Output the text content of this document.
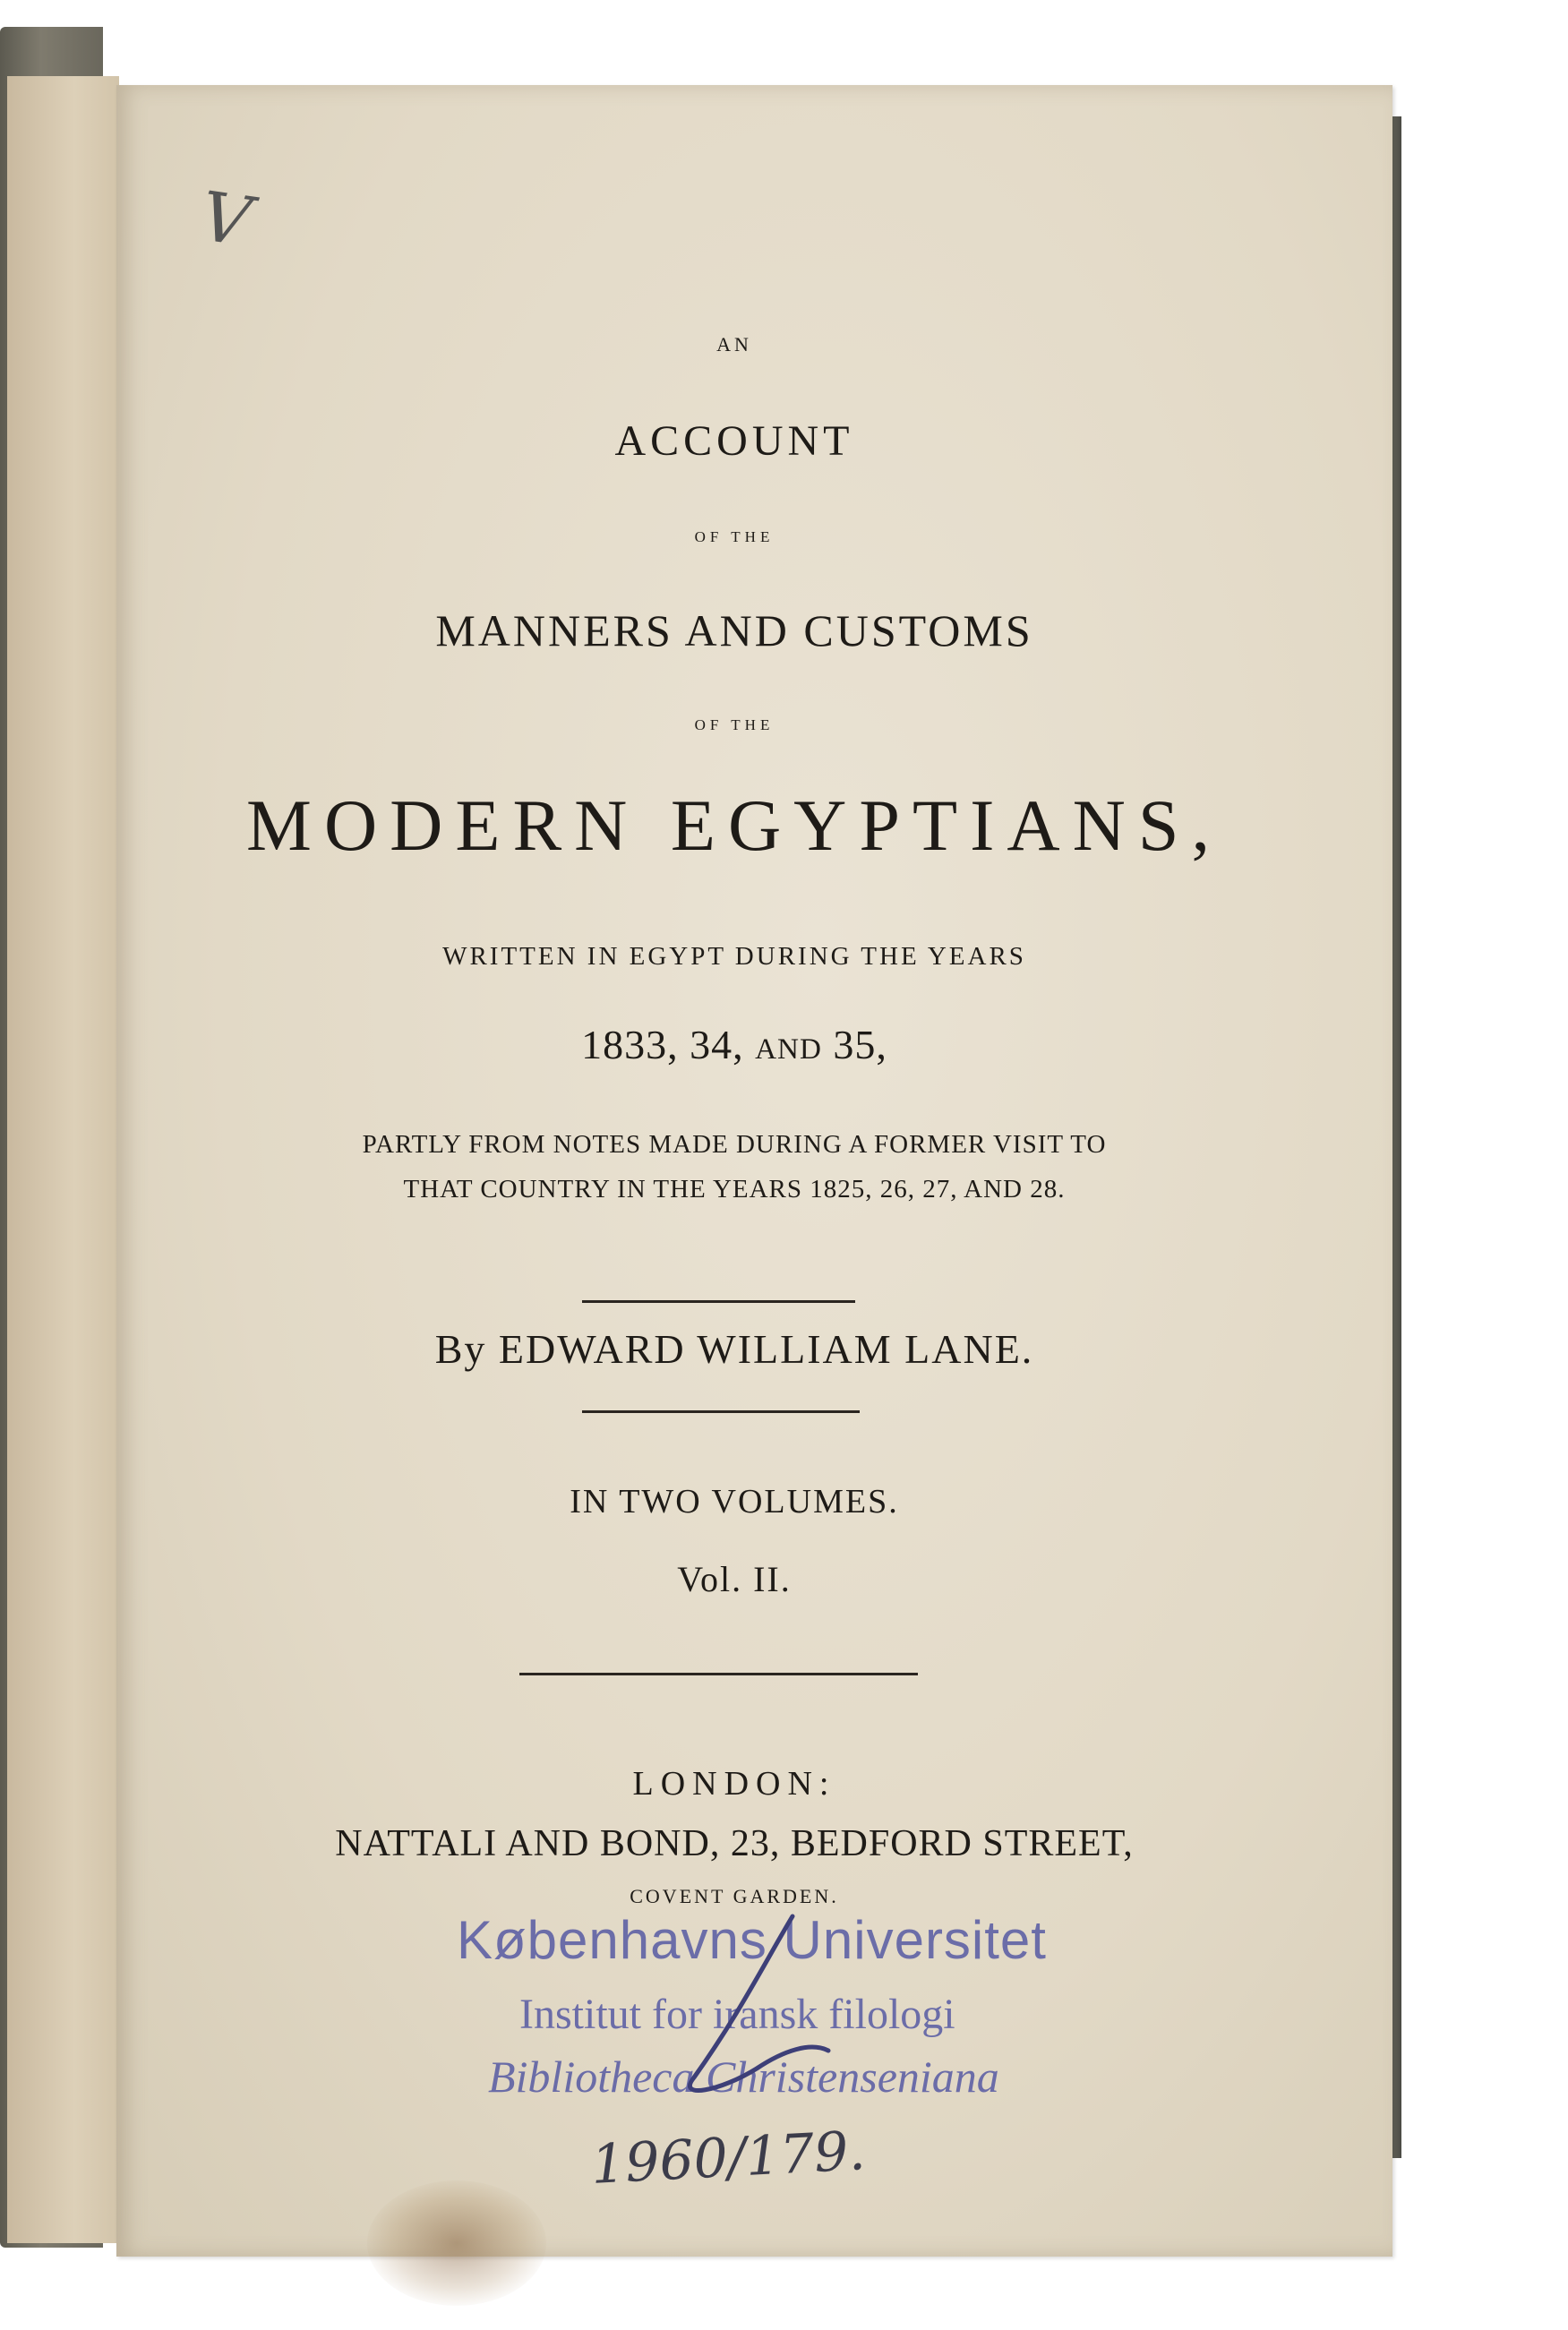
V
AN
ACCOUNT
OF THE
MANNERS AND CUSTOMS
OF THE
MODERN EGYPTIANS,
WRITTEN IN EGYPT DURING THE YEARS
1833, 34, AND 35,
PARTLY FROM NOTES MADE DURING A FORMER VISIT TO
THAT COUNTRY IN THE YEARS 1825, 26, 27, AND 28.
By EDWARD WILLIAM LANE.
IN TWO VOLUMES.
Vol. II.
LONDON:
NATTALI AND BOND, 23, BEDFORD STREET,
COVENT GARDEN.
Københavns Universitet
Institut for iransk filologi
Bibliotheca Christenseniana
1960/179.
